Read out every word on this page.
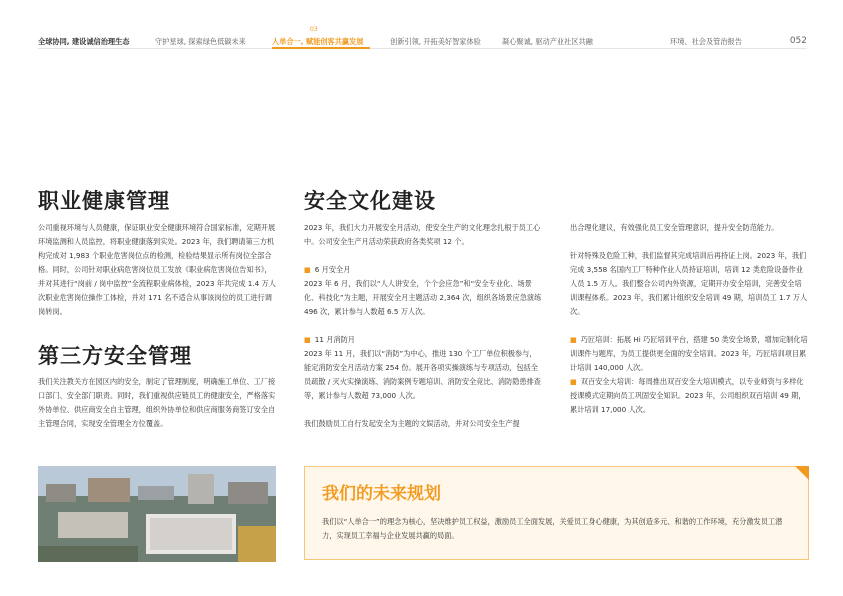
全球协同, 建设诚信治理生态	守护星球, 探索绿色低碳未来
03
人单合一, 赋能创客共赢发展	创新引领, 开拓美好智家体验	凝心聚诚, 驱动产业社区共融	环境、社会及管治报告	052
职业健康管理

公司重视环境与人员健康，保证职业安全健康环境符合国家标准，定期开展环境监测和人员监控，将职业健康落到实处。2023 年，我们聘请第三方机构完成对 1,983 个职业危害岗位点的检测，检验结果显示所有岗位全部合格。同时，公司针对职业病危害岗位员工发放《职业病危害岗位告知书》，并对其进行“岗前 / 岗中监控”全流程职业病体检，2023 年共完成 1.4 万人次职业危害岗位操作工体检，并对 171 名不适合从事该岗位的员工进行调岗转岗。

第三方安全管理

我们关注教关方在园区内的安全，制定了管理制度，明确施工单位、工厂接口部门、安全部门职责。同时，我们重视供应链员工的健康安全，严格落实外协单位、供应商安全自主管理，组织外协单位和供应商服务商签订安全自主管理合同，实现安全管理全方位覆盖。

安全文化建设

2023 年，我们大力开展安全月活动，使安全生产的文化理念扎根于员工心中。公司安全生产月活动荣获政府各类奖项 12 个。

■ 6 月安全月

2023 年 6 月，我们以“人人讲安全，个个会应急”和“安全专业化、场景化、科技化”为主题，开展安全月主题活动 2,364 次，组织各场景应急演练 496 次，累计参与人数超 6.5 万人次。

■ 11 月消防月

2023 年 11 月，我们以“消防”为中心，推进 130 个工厂单位积极参与，能定消防安全月活动方案 254 份。展开各项实操演练与专项活动，包括全员疏散 / 灭火实操演练、消防案例专题培训、消防安全竞比、消防隐患排查等，累计参与人数超 73,000 人次。

我们鼓励员工自行发起安全为主题的文娱活动，并对公司安全生产提

出合理化建议，有效强化员工安全管理意识，提升安全防范能力。

针对特殊及危险工种，我们监督其完成培训后再持证上岗。2023 年，我们完成 3,558 名国内工厂特种作业人员持证培训，培训 12 类危险设备作业人员 1.5 万人。我们整合公司内外资源，定期开办安全培训，完善安全培训课程体系。2023 年，我们累计组织安全培训 49 期，培训员工 1.7 万人次。

■ 巧匠培训：拓展 Hi 巧匠培训平台，搭建 50 类安全场景，增加定制化培训课件与题库，为员工提供更全面的安全培训。2023 年，巧匠培训项目累计培训 140,000 人次。

■ 双百安全大培训：每周推出双百安全大培训模式，以专业师资与多样化授课模式定期向员工巩固安全知识。2023 年，公司组织双百培训 49 期，累计培训 17,000 人次。

我们的未来规划

我们以“人单合一”的理念为核心，坚决维护员工权益，激励员工全面发展，关爱员工身心健康，为其创造多元、和谐的工作环境，充分激发员工潜力，实现员工幸福与企业发展共赢的局面。
